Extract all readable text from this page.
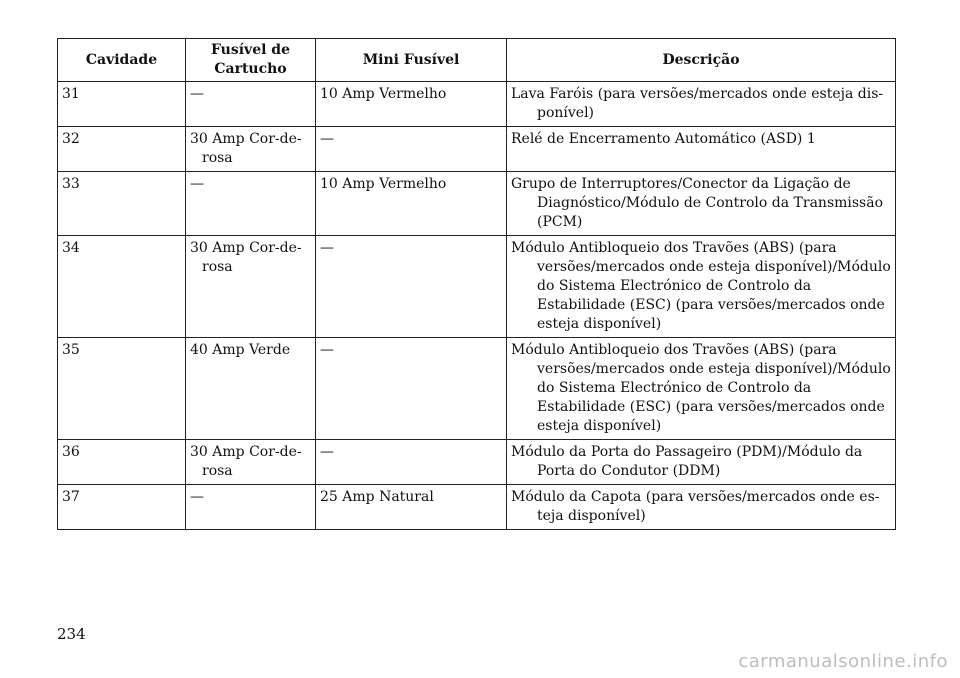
Cavidade	Fusível de Cartucho	Mini Fusível	Descrição
31	—	10 Amp Vermelho	Lava Faróis (para versões/mercados onde esteja dis-ponível)

32	30 Amp Cor-de-rosa	—	Relé de Encerramento Automático (ASD) 1

33	—	10 Amp Vermelho	Grupo de Interruptores/Conector da Ligação de Diagnóstico/Módulo de Controlo da Transmissão (PCM)

34	30 Amp Cor-de-rosa	—	Módulo Antibloqueio dos Travões (ABS) (para versões/mercados onde esteja disponível)/Módulo do Sistema Electrónico de Controlo da Estabilidade (ESC) (para versões/mercados onde esteja disponível)

35	40 Amp Verde	—	Módulo Antibloqueio dos Travões (ABS) (para versões/mercados onde esteja disponível)/Módulo do Sistema Electrónico de Controlo da Estabilidade (ESC) (para versões/mercados onde esteja disponível)

36	30 Amp Cor-de-rosa	—	Módulo da Porta do Passageiro (PDM)/Módulo da Porta do Condutor (DDM)

37	—	25 Amp Natural	Módulo da Capota (para versões/mercados onde es-teja disponível)
234
carmanualsonline.info
